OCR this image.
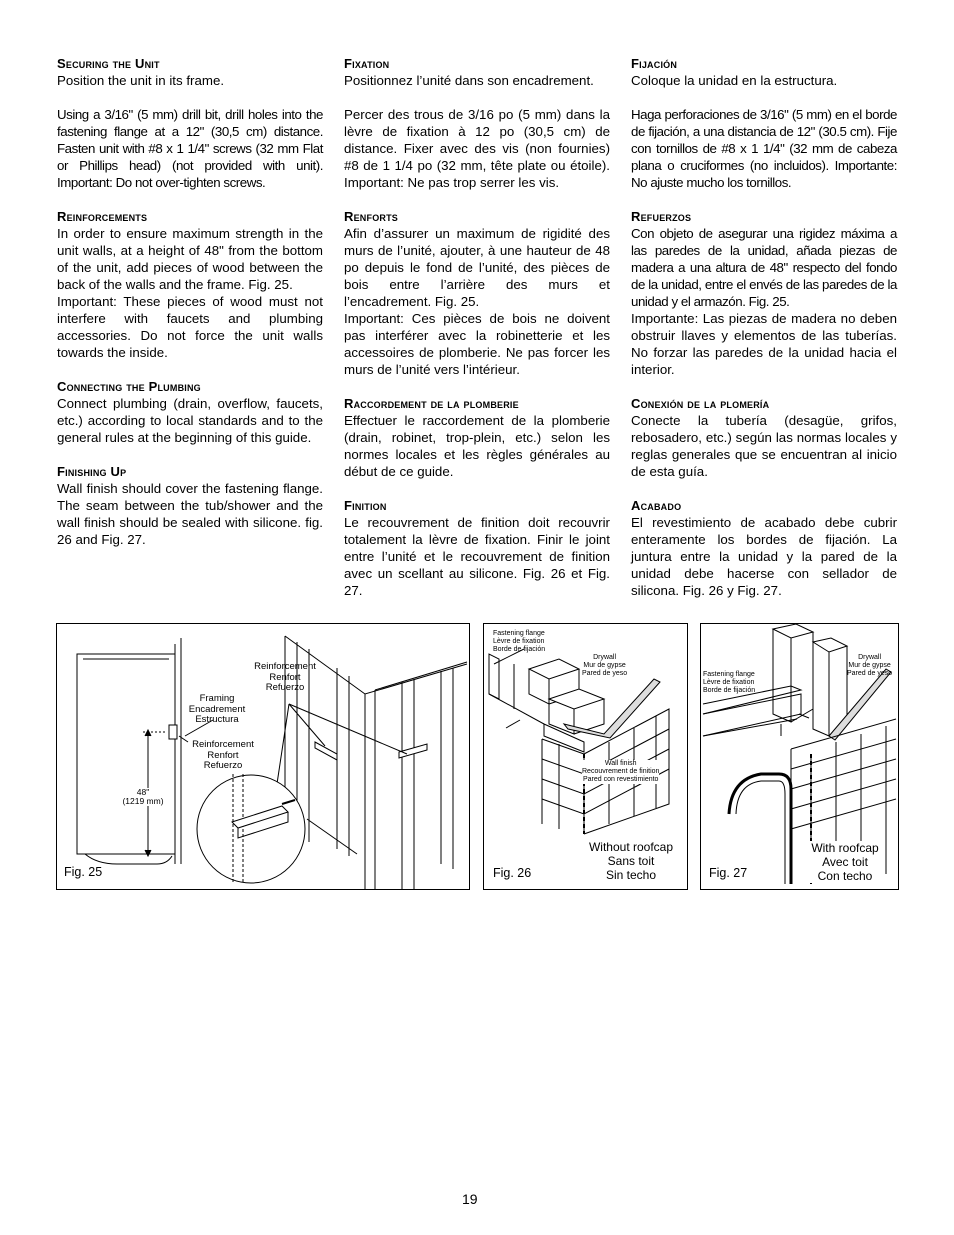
Securing the Unit

Position the unit in its frame.

Using a 3/16" (5 mm) drill bit, drill holes into the fastening flange at a 12" (30,5 cm) distance. Fasten unit with #8 x 1 1/4" screws (32 mm Flat or Phillips head) (not provided with unit). Important: Do not over-tighten screws.

Reinforcements

In order to ensure maximum strength in the unit walls, at a height of 48" from the bottom of the unit, add pieces of wood between the back of the walls and the frame. Fig. 25.

Important: These pieces of wood must not interfere with faucets and plumbing accessories. Do not force the unit walls towards the inside.

Connecting the Plumbing

Connect plumbing (drain, overflow, faucets, etc.) according to local standards and to the general rules at the beginning of this guide.

Finishing Up

Wall finish should cover the fastening flange. The seam between the tub/shower and the wall finish should be sealed with silicone. fig. 26 and Fig. 27.

Fixation

Positionnez l’unité dans son encadrement.

Percer des trous de 3/16 po (5 mm) dans la lèvre de fixation à 12 po (30,5 cm) de distance. Fixer avec des vis (non fournies) #8 de 1 1/4 po (32 mm, tête plate ou étoile). Important: Ne pas trop serrer les vis.

Renforts

Afin d’assurer un maximum de rigidité des murs de l’unité, ajouter, à une hauteur de 48 po depuis le fond de l’unité, des pièces de bois entre l’arrière des murs et l’encadrement. Fig. 25.

Important: Ces pièces de bois ne doivent pas interférer avec la robinetterie et les accessoires de plomberie. Ne pas forcer les murs de l’unité vers l’intérieur.

Raccordement de la plomberie

Effectuer le raccordement de la plomberie (drain, robinet, trop-plein, etc.) selon les normes locales et les règles générales au début de ce guide.

Finition

Le recouvrement de finition doit recouvrir totalement la lèvre de fixation. Finir le joint entre l’unité et le recouvrement de finition avec un scellant au silicone. Fig. 26 et Fig. 27.

Fijación

Coloque la unidad en la estructura.

Haga perforaciones de 3/16" (5 mm) en el borde de fijación, a una distancia de 12" (30.5 cm). Fije con tornillos de #8 x 1 1/4" (32 mm de cabeza plana o cruciformes (no incluidos). Importante: No ajuste mucho los tornillos.

Refuerzos

Con objeto de asegurar una rigidez máxima a las paredes de la unidad, añada piezas de madera a una altura de 48" respecto del fondo de la unidad, entre el envés de las paredes de la unidad y el armazón. Fig. 25.

Importante: Las piezas de madera no deben obstruir llaves y elementos de las tuberías. No forzar las paredes de la unidad hacia el interior.

Conexión de la plomería

Conecte la tubería (desagüe, grifos, rebosadero, etc.) según las normas locales y reglas generales que se encuentran al inicio de esta guía.

Acabado

El revestimiento de acabado debe cubrir enteramente los bordes de fijación. La juntura entre la unidad y la pared de la unidad debe hacerse con sellador de silicona. Fig. 26 y Fig. 27.

Reinforcement
Renfort
Refuerzo
Framing
Encadrement
Estructura
Reinforcement
Renfort
Refuerzo
48"
(1219 mm)
Fig. 25
Fastening flange
Lèvre de fixation
Borde de fijación
Drywall
Mur de gypse
Pared de yeso
Wall finish
Recouvrement de finition
Pared con revestimiento
Fig. 26
Without roofcap
Sans toit
Sin techo
Fastening flange
Lèvre de fixation
Borde de fijación
Drywall
Mur de gypse
Pared de yeso
Fig. 27
With roofcap
Avec toit
Con techo
19
